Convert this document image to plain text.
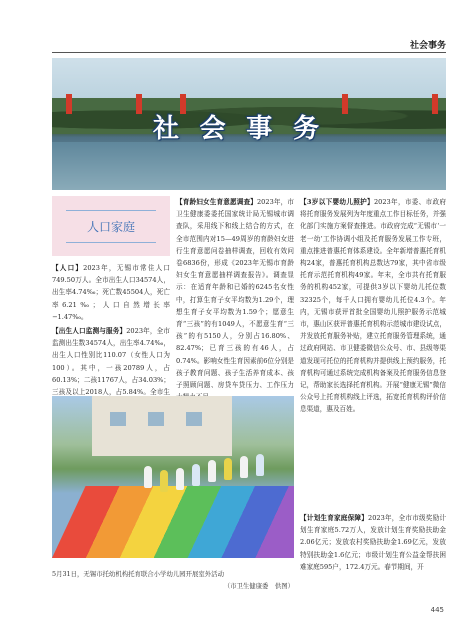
社会事务
社 会 事 务
人口家庭

【人口】2023年，无锡市常住人口749.50万人。全市出生人口34574人，出生率4.74‰；死亡数45504人，死亡率6.21‰；人口自然增长率−1.47‰。

【出生人口监测与服务】2023年，全市监测出生数34574人，出生率4.74‰，出生人口性别比110.07（女性人口为100）。其中，一孩20789人，占60.13%；二孩11767人，占34.03%；三孩及以上2018人，占5.84%。全市生

【育龄妇女生育意愿调查】2023年，市卫生健康委委托国家统计局无锡城市调查队，采用线下和线上结合的方式，在全市范围内对15—49周岁的育龄妇女进行生育意愿问卷抽样调查，回收有效问卷6836份，形成《2023年无锡市育龄妇女生育意愿抽样调查报告》。调查显示：在适育年龄和已婚的6245名女性中，打算生育子女平均数为1.29个，理想生育子女平均数为1.59个；愿意生育“三孩”的有1049人，不愿意生育“三孩”的有5150人，分别占16.80%、82.47%；已育三孩的有46人，占0.74%。影响女性生育因素前6位分别是孩子教育问题、孩子生活养育成本、孩子照顾问题、房贷车贷压力、工作压力

【3岁以下婴幼儿照护】2023年，市委、市政府将托育服务发展列为年度重点工作目标任务，并强化部门实施方案督查推进。市政府完成“无锡市‘一老一幼’工作协调小组及托育服务发展工作专班，重点推进普惠托育体系建设。全年新增普惠托育机构24家，普惠托育机构总数达79家，其中省市级托育示范托育机构49家。年末，全市共有托育服务的机构452家，可提供3岁以下婴幼儿托位数32325个，每千人口拥有婴幼儿托位4.3个。年内，无锡市获评首批全国婴幼儿照护服务示范城市，惠山区获评普惠托育机构示范城市建设试点，并发放托育服务补贴，建立托育服务管理系统，通过政府网站、市卫健委微信公众号、市、县级等渠道发现可托位的托育机构并提供线上预约服务，托育机构可通过系统完成机构备案及托育服务信息登记，帮助家长选择托育机构。开展“健康无锡”微信公众号上托育机构线上评选，拓宽托育机构评价信息渠道，惠及百姓。

【计划生育家庭保障】2023年，全市市级奖励计划生育家庭5.72万人，发放计划生育奖励扶助金2.06亿元；发放农村奖励扶助金1.69亿元，发放特别扶助金1.6亿元；市级计划生育公益金帮扶困难家庭595户，172.4万元。春节期间，开

5月31日，无锡市托幼机构托育联合小学幼儿园开展室外活动
（市卫生健康委　供图）
445
